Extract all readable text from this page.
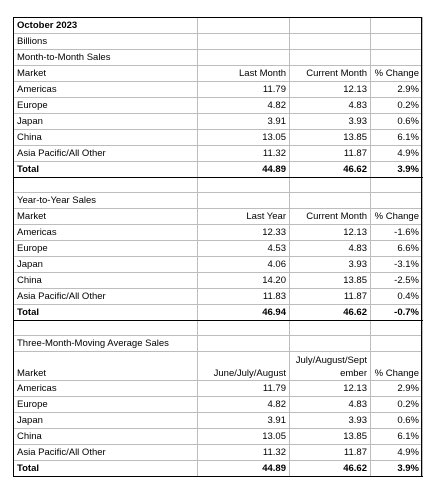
October 2023			
Billions			
Month-to-Month Sales			
Market	Last Month	Current Month	% Change
Americas	11.79	12.13	2.9%
Europe	4.82	4.83	0.2%
Japan	3.91	3.93	0.6%
China	13.05	13.85	6.1%
Asia Pacific/All Other	11.32	11.87	4.9%
Total	44.89	46.62	3.9%

Year-to-Year Sales			
Market	Last Year	Current Month	% Change
Americas	12.33	12.13	-1.6%
Europe	4.53	4.83	6.6%
Japan	4.06	3.93	-3.1%
China	14.20	13.85	-2.5%
Asia Pacific/All Other	11.83	11.87	0.4%
Total	46.94	46.62	-0.7%

Three-Month-Moving Average Sales			
Market	June/July/August	July/August/September	% Change
Americas	11.79	12.13	2.9%
Europe	4.82	4.83	0.2%
Japan	3.91	3.93	0.6%
China	13.05	13.85	6.1%
Asia Pacific/All Other	11.32	11.87	4.9%
Total	44.89	46.62	3.9%
